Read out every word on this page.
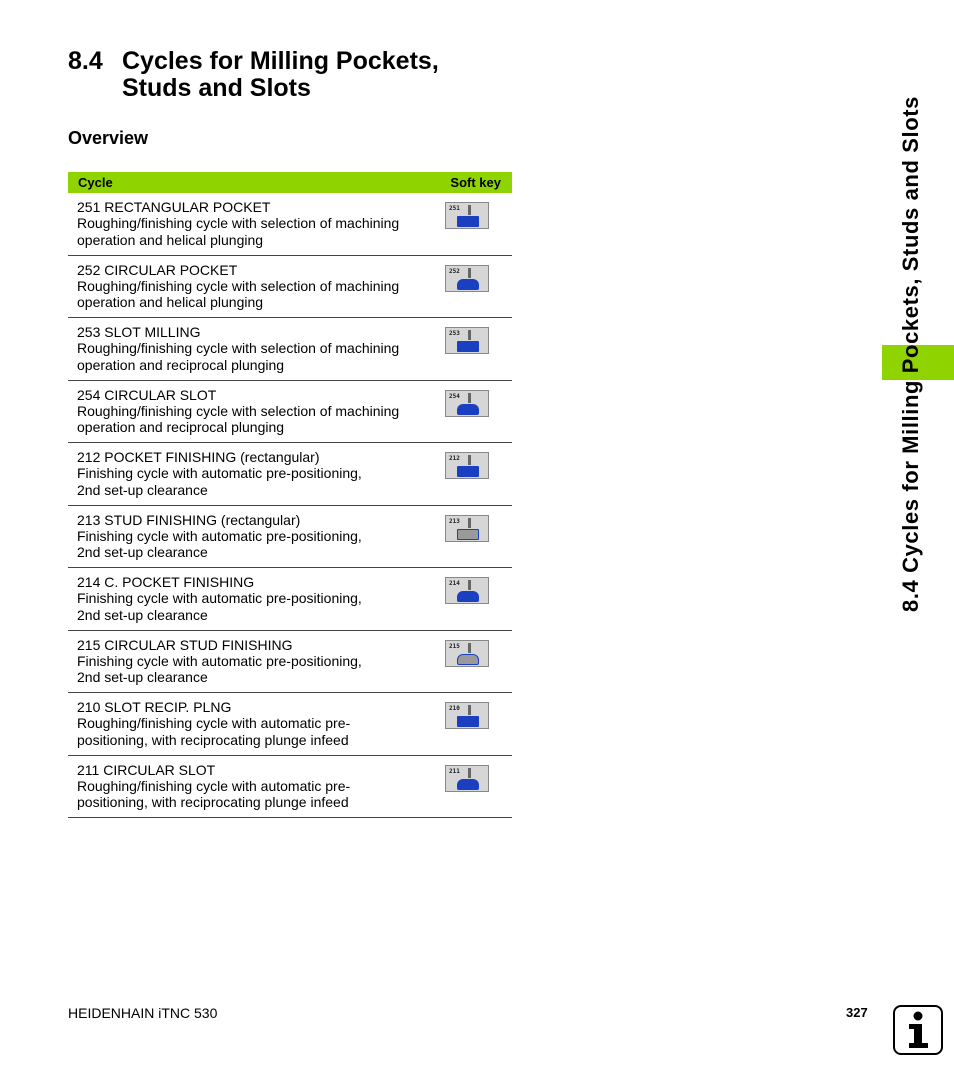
8.4 Cycles for Milling Pockets,
Studs and Slots
Overview
Cycle	Soft key
251 RECTANGULAR POCKET
Roughing/finishing cycle with selection of machining
operation and helical plunging
251
252 CIRCULAR POCKET
Roughing/finishing cycle with selection of machining
operation and helical plunging
252
253 SLOT MILLING
Roughing/finishing cycle with selection of machining
operation and reciprocal plunging
253
254 CIRCULAR SLOT
Roughing/finishing cycle with selection of machining
operation and reciprocal plunging
254
212 POCKET FINISHING (rectangular)
Finishing cycle with automatic pre-positioning,
2nd set-up clearance
212
213 STUD FINISHING (rectangular)
Finishing cycle with automatic pre-positioning,
2nd set-up clearance
213
214 C. POCKET FINISHING
Finishing cycle with automatic pre-positioning,
2nd set-up clearance
214
215 CIRCULAR STUD FINISHING
Finishing cycle with automatic pre-positioning,
2nd set-up clearance
215
210 SLOT RECIP. PLNG
Roughing/finishing cycle with automatic pre-
positioning, with reciprocating plunge infeed
210
211 CIRCULAR SLOT
Roughing/finishing cycle with automatic pre-
positioning, with reciprocating plunge infeed
211
8.4 Cycles for Milling Pockets, Studs and Slots
HEIDENHAIN iTNC 530	327
